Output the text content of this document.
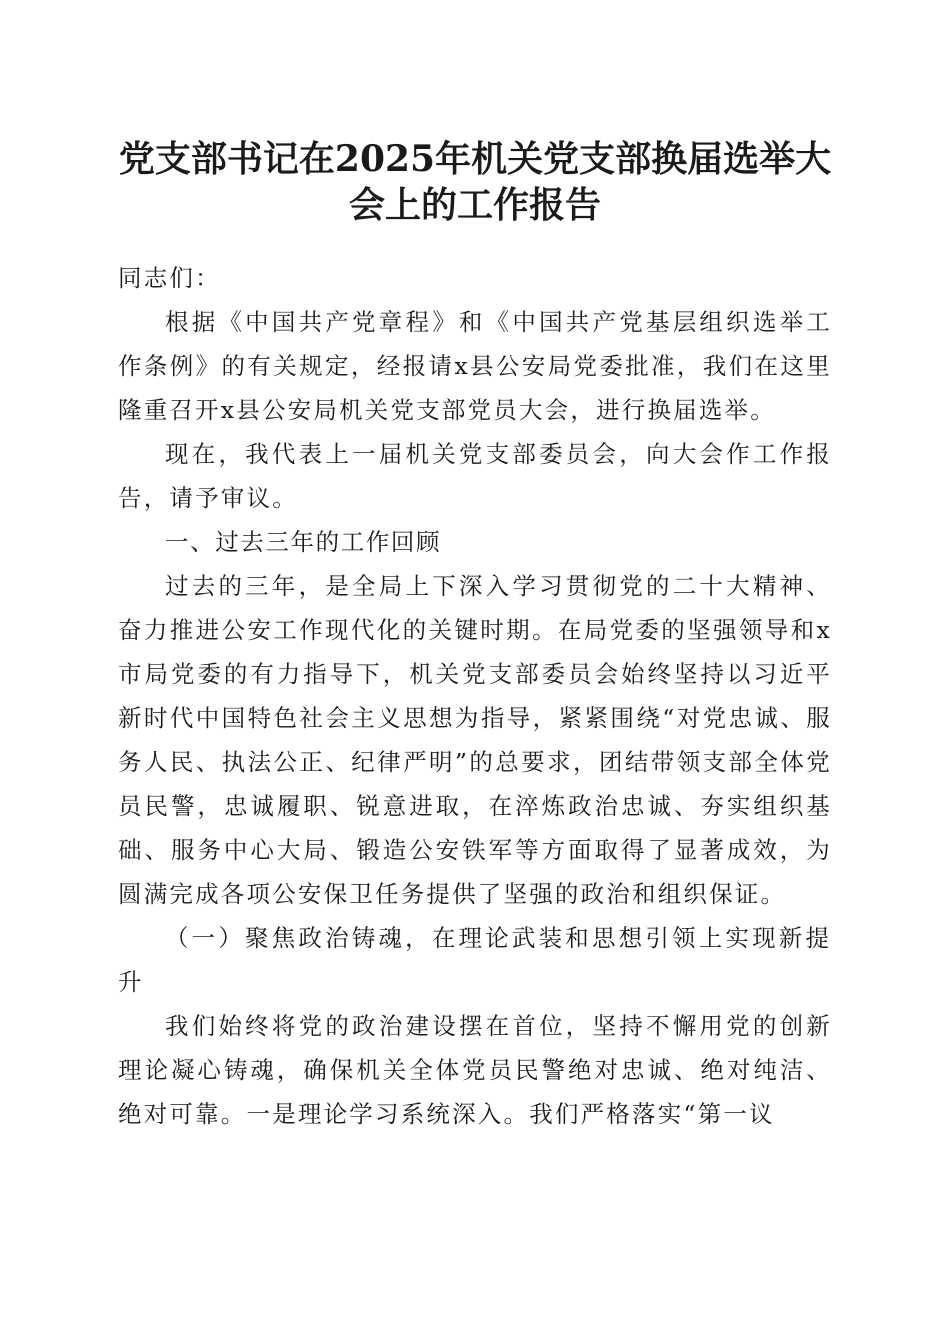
党支部书记在2025年机关党支部换届选举大
会上的工作报告

同志们：

根据《中国共产党章程》和《中国共产党基层组织选举工作条例》的有关规定，经报请x县公安局党委批准，我们在这里隆重召开x县公安局机关党支部党员大会，进行换届选举。

现在，我代表上一届机关党支部委员会，向大会作工作报告，请予审议。

一、过去三年的工作回顾

过去的三年，是全局上下深入学习贯彻党的二十大精神、奋力推进公安工作现代化的关键时期。在局党委的坚强领导和x市局党委的有力指导下，机关党支部委员会始终坚持以习近平新时代中国特色社会主义思想为指导，紧紧围绕“对党忠诚、服务人民、执法公正、纪律严明”的总要求，团结带领支部全体党员民警，忠诚履职、锐意进取，在淬炼政治忠诚、夯实组织基础、服务中心大局、锻造公安铁军等方面取得了显著成效，为圆满完成各项公安保卫任务提供了坚强的政治和组织保证。

（一）聚焦政治铸魂，在理论武装和思想引领上实现新提升

我们始终将党的政治建设摆在首位，坚持不懈用党的创新理论凝心铸魂，确保机关全体党员民警绝对忠诚、绝对纯洁、绝对可靠。一是理论学习系统深入。我们严格落实“第一议
